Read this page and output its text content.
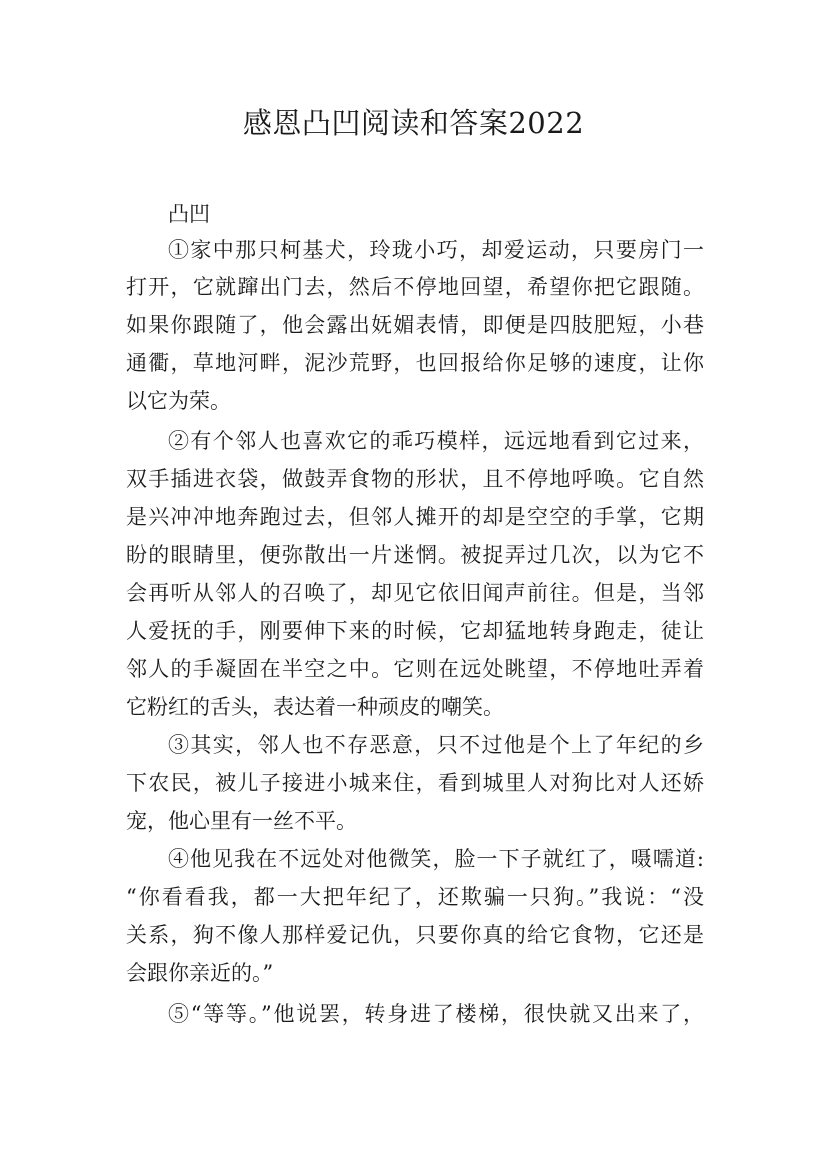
感恩凸凹阅读和答案2022

凸凹

①家中那只柯基犬，玲珑小巧，却爱运动，只要房门一

打开，它就蹿出门去，然后不停地回望，希望你把它跟随。

如果你跟随了，他会露出妩媚表情，即便是四肢肥短，小巷

通衢，草地河畔，泥沙荒野，也回报给你足够的速度，让你

以它为荣。

②有个邻人也喜欢它的乖巧模样，远远地看到它过来，

双手插进衣袋，做鼓弄食物的形状，且不停地呼唤。它自然

是兴冲冲地奔跑过去，但邻人摊开的却是空空的手掌，它期

盼的眼睛里，便弥散出一片迷惘。被捉弄过几次，以为它不

会再听从邻人的召唤了，却见它依旧闻声前往。但是，当邻

人爱抚的手，刚要伸下来的时候，它却猛地转身跑走，徒让

邻人的手凝固在半空之中。它则在远处眺望，不停地吐弄着

它粉红的舌头，表达着一种顽皮的嘲笑。

③其实，邻人也不存恶意，只不过他是个上了年纪的乡

下农民，被儿子接进小城来住，看到城里人对狗比对人还娇

宠，他心里有一丝不平。

④他见我在不远处对他微笑，脸一下子就红了，嗫嚅道:

“你看看我，都一大把年纪了，还欺骗一只狗。”我说：“没

关系，狗不像人那样爱记仇，只要你真的给它食物，它还是

会跟你亲近的。”

⑤“等等。”他说罢，转身进了楼梯，很快就又出来了，
